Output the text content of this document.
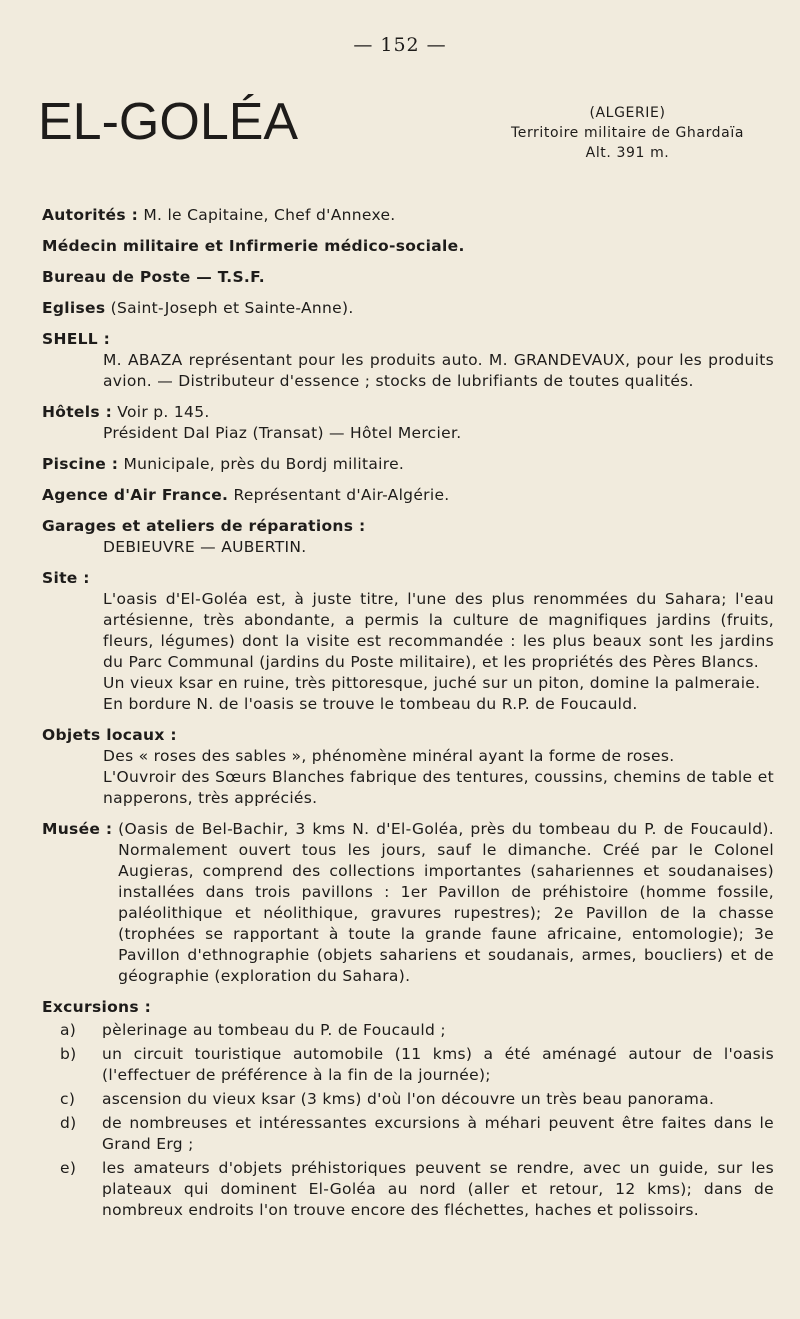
— 152 —
EL-GOLÉA	(ALGERIE)
Territoire militaire de Ghardaïa
Alt. 391 m.
Autorités : M. le Capitaine, Chef d'Annexe.
Médecin militaire et Infirmerie médico-sociale.
Bureau de Poste — T.S.F.
Eglises (Saint-Joseph et Sainte-Anne).
SHELL :
M. ABAZA représentant pour les produits auto. M. GRANDEVAUX, pour les produits avion. — Distributeur d'essence ; stocks de lubrifiants de toutes qualités.
Hôtels : Voir p. 145.
Président Dal Piaz (Transat) — Hôtel Mercier.
Piscine : Municipale, près du Bordj militaire.
Agence d'Air France. Représentant d'Air-Algérie.
Garages et ateliers de réparations :
DEBIEUVRE — AUBERTIN.
Site :

L'oasis d'El-Goléa est, à juste titre, l'une des plus renommées du Sahara; l'eau artésienne, très abondante, a permis la culture de magnifiques jardins (fruits, fleurs, légumes) dont la visite est recommandée : les plus beaux sont les jardins du Parc Communal (jardins du Poste militaire), et les propriétés des Pères Blancs.

Un vieux ksar en ruine, très pittoresque, juché sur un piton, domine la palmeraie.

En bordure N. de l'oasis se trouve le tombeau du R.P. de Foucauld.

Objets locaux :

Des « roses des sables », phénomène minéral ayant la forme de roses.

L'Ouvroir des Sœurs Blanches fabrique des tentures, coussins, chemins de table et napperons, très appréciés.

Musée : (Oasis de Bel-Bachir, 3 kms N. d'El-Goléa, près du tombeau du P. de Foucauld). Normalement ouvert tous les jours, sauf le dimanche. Créé par le Colonel Augieras, comprend des collections importantes (sahariennes et soudanaises) installées dans trois pavillons : 1er Pavillon de préhistoire (homme fossile, paléolithique et néolithique, gravures rupestres); 2e Pavillon de la chasse (trophées se rapportant à toute la grande faune africaine, entomologie); 3e Pavillon d'ethnographie (objets sahariens et soudanais, armes, boucliers) et de géographie (exploration du Sahara).
Excursions :
a)	pèlerinage au tombeau du P. de Foucauld ;
b)	un circuit touristique automobile (11 kms) a été aménagé autour de l'oasis (l'effectuer de préférence à la fin de la journée);
c)	ascension du vieux ksar (3 kms) d'où l'on découvre un très beau panorama.
d)	de nombreuses et intéressantes excursions à méhari peuvent être faites dans le Grand Erg ;
e)	les amateurs d'objets préhistoriques peuvent se rendre, avec un guide, sur les plateaux qui dominent El-Goléa au nord (aller et retour, 12 kms); dans de nombreux endroits l'on trouve encore des fléchettes, haches et polissoirs.
